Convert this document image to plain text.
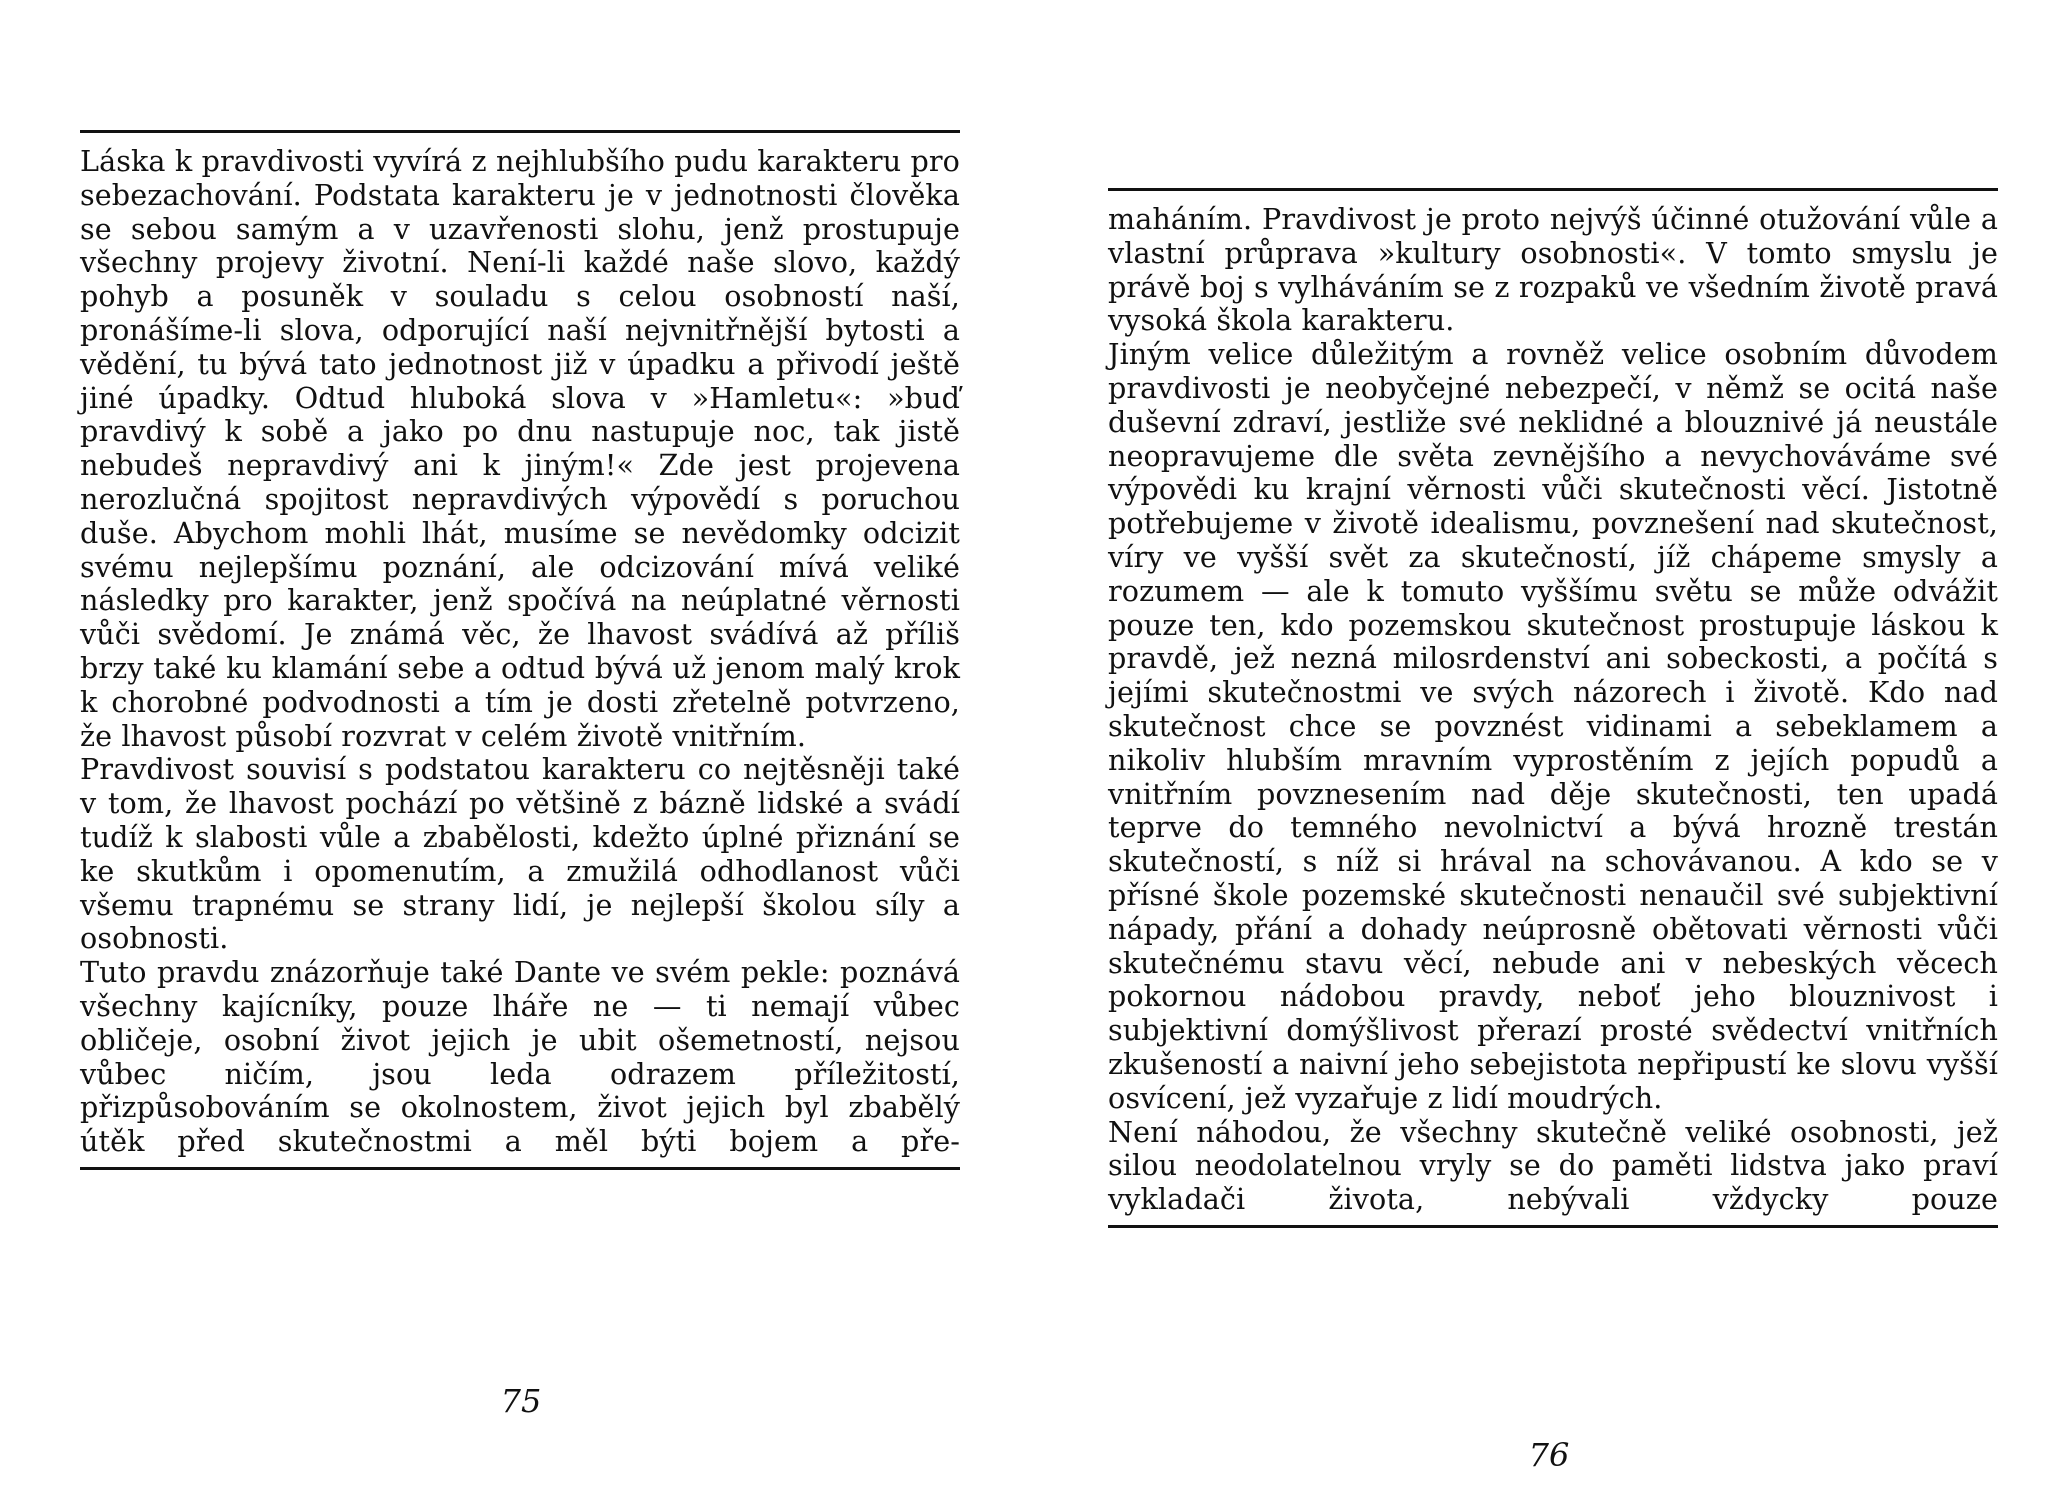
Láska k pravdivosti vyvírá z nejhlubšího pudu karakteru pro sebezachování. Podstata karakteru je v jednotnosti člověka se sebou samým a v uzavřenosti slohu, jenž prostupuje všechny projevy životní. Není-li každé naše slovo, každý pohyb a posuněk v souladu s celou osobností naší, pronášíme-li slova, odporující naší nejvnitřnější bytosti a vědění, tu bývá tato jednotnost již v úpadku a přivodí ještě jiné úpadky. Odtud hluboká slova v »Hamletu«: »buď pravdivý k sobě a jako po dnu nastupuje noc, tak jistě nebudeš nepravdivý ani k jiným!« Zde jest projevena nerozlučná spojitost nepravdivých výpovědí s poruchou duše. Abychom mohli lhát, musíme se nevědomky odcizit svému nejlepšímu poznání, ale odcizování mívá veliké následky pro karakter, jenž spočívá na neúplatné věrnosti vůči svědomí. Je známá věc, že lhavost svádívá až příliš brzy také ku klamání sebe a odtud bývá už jenom malý krok k chorobné podvodnosti a tím je dosti zřetelně potvrzeno, že lhavost působí rozvrat v celém životě vnitřním.

Pravdivost souvisí s podstatou karakteru co nejtěsněji také v tom, že lhavost pochází po většině z bázně lidské a svádí tudíž k slabosti vůle a zbabělosti, kdežto úplné přiznání se ke skutkům i opomenutím, a zmužilá odhodlanost vůči všemu trapnému se strany lidí, je nejlepší školou síly a osobnosti.

Tuto pravdu znázorňuje také Dante ve svém pekle: poznává všechny kajícníky, pouze lháře ne — ti nemají vůbec obličeje, osobní život jejich je ubit ošemetností, nejsou vůbec ničím, jsou leda odrazem příležitostí, přizpůsobováním se okolnostem, život jejich byl zbabělý útěk před skutečnostmi a měl býti bojem a pře-

75

maháním. Pravdivost je proto nejvýš účinné otužování vůle a vlastní průprava »kultury osobnosti«. V tomto smyslu je právě boj s vylháváním se z rozpaků ve všedním životě pravá vysoká škola karakteru.

Jiným velice důležitým a rovněž velice osobním důvodem pravdivosti je neobyčejné nebezpečí, v němž se ocitá naše duševní zdraví, jestliže své neklidné a blouznivé já neustále neopravujeme dle světa zevnějšího a nevychováváme své výpovědi ku krajní věrnosti vůči skutečnosti věcí. Jistotně potřebujeme v životě idealismu, povznešení nad skutečnost, víry ve vyšší svět za skutečností, jíž chápeme smysly a rozumem — ale k tomuto vyššímu světu se může odvážit pouze ten, kdo pozemskou skutečnost prostupuje láskou k pravdě, jež nezná milosrdenství ani sobeckosti, a počítá s jejími skutečnostmi ve svých názorech i životě. Kdo nad skutečnost chce se povznést vidinami a sebeklamem a nikoliv hlubším mravním vyprostěním z jejích popudů a vnitřním povznesením nad děje skutečnosti, ten upadá teprve do temného nevolnictví a bývá hrozně trestán skutečností, s níž si hrával na schovávanou. A kdo se v přísné škole pozemské skutečnosti nenaučil své subjektivní nápady, přání a dohady neúprosně obětovati věrnosti vůči skutečnému stavu věcí, nebude ani v nebeských věcech pokornou nádobou pravdy, neboť jeho blouznivost i subjektivní domýšlivost přerazí prosté svědectví vnitřních zkušeností a naivní jeho sebejistota nepřipustí ke slovu vyšší osvícení, jež vyzařuje z lidí moudrých.

Není náhodou, že všechny skutečně veliké osobnosti, jež silou neodolatelnou vryly se do paměti lidstva jako praví vykladači života, nebývali vždycky pouze

76
